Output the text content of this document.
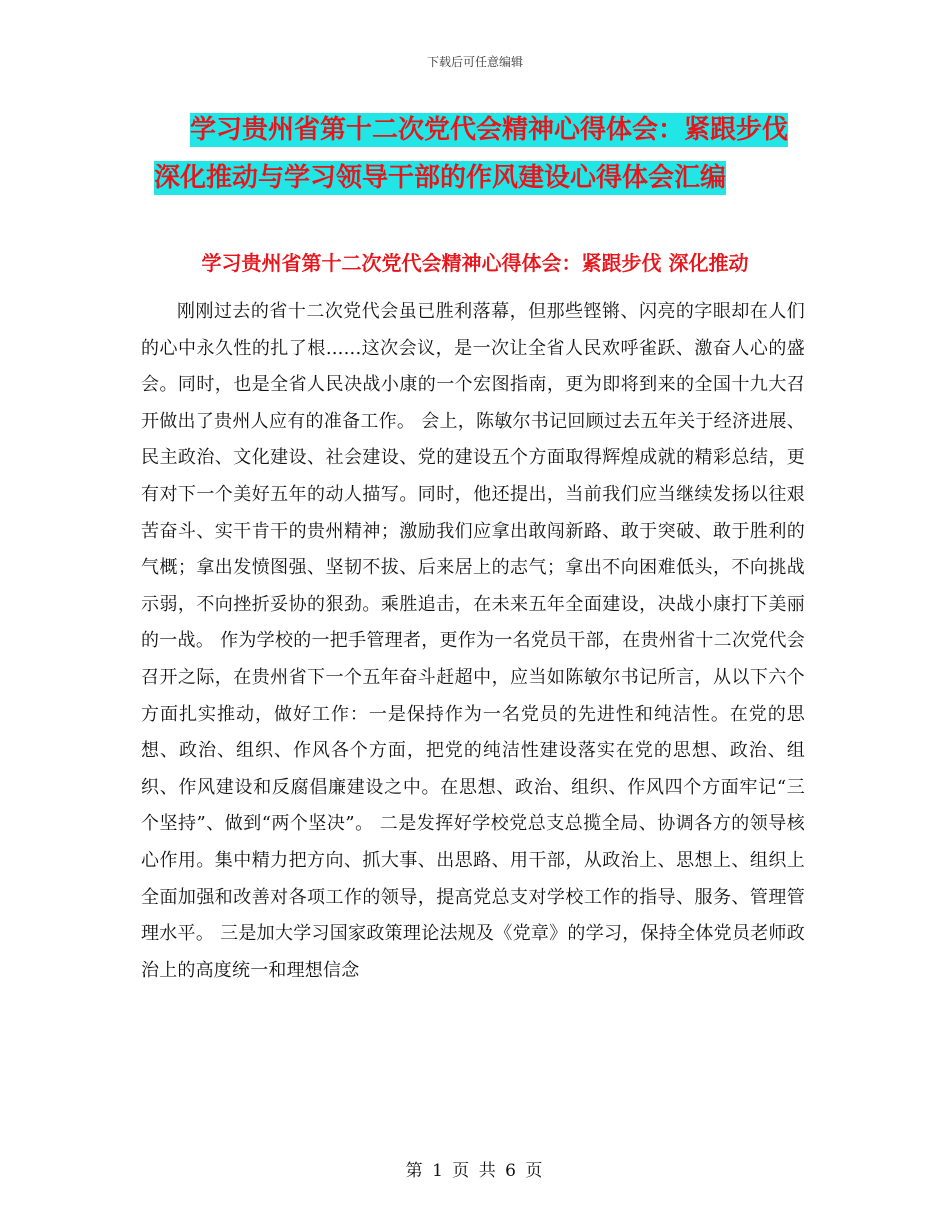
下载后可任意编辑
学习贵州省第十二次党代会精神心得体会：紧跟步伐
深化推动与学习领导干部的作风建设心得体会汇编
学习贵州省第十二次党代会精神心得体会：紧跟步伐 深化推动

刚刚过去的省十二次党代会虽已胜利落幕，但那些铿锵、闪亮的字眼却在人们的心中永久性的扎了根......这次会议，是一次让全省人民欢呼雀跃、激奋人心的盛会。同时，也是全省人民决战小康的一个宏图指南，更为即将到来的全国十九大召开做出了贵州人应有的准备工作。 会上，陈敏尔书记回顾过去五年关于经济进展、民主政治、文化建设、社会建设、党的建设五个方面取得辉煌成就的精彩总结，更有对下一个美好五年的动人描写。同时，他还提出，当前我们应当继续发扬以往艰苦奋斗、实干肯干的贵州精神；激励我们应拿出敢闯新路、敢于突破、敢于胜利的气概；拿出发愤图强、坚韧不拔、后来居上的志气；拿出不向困难低头，不向挑战示弱，不向挫折妥协的狠劲。乘胜追击，在未来五年全面建设，决战小康打下美丽的一战。 作为学校的一把手管理者，更作为一名党员干部，在贵州省十二次党代会召开之际，在贵州省下一个五年奋斗赶超中，应当如陈敏尔书记所言，从以下六个方面扎实推动，做好工作：一是保持作为一名党员的先进性和纯洁性。在党的思想、政治、组织、作风各个方面，把党的纯洁性建设落实在党的思想、政治、组织、作风建设和反腐倡廉建设之中。在思想、政治、组织、作风四个方面牢记“三个坚持”、做到“两个坚决”。 二是发挥好学校党总支总揽全局、协调各方的领导核心作用。集中精力把方向、抓大事、出思路、用干部，从政治上、思想上、组织上全面加强和改善对各项工作的领导，提高党总支对学校工作的指导、服务、管理管理水平。 三是加大学习国家政策理论法规及《党章》的学习，保持全体党员老师政治上的高度统一和理想信念

第 1 页 共 6 页
